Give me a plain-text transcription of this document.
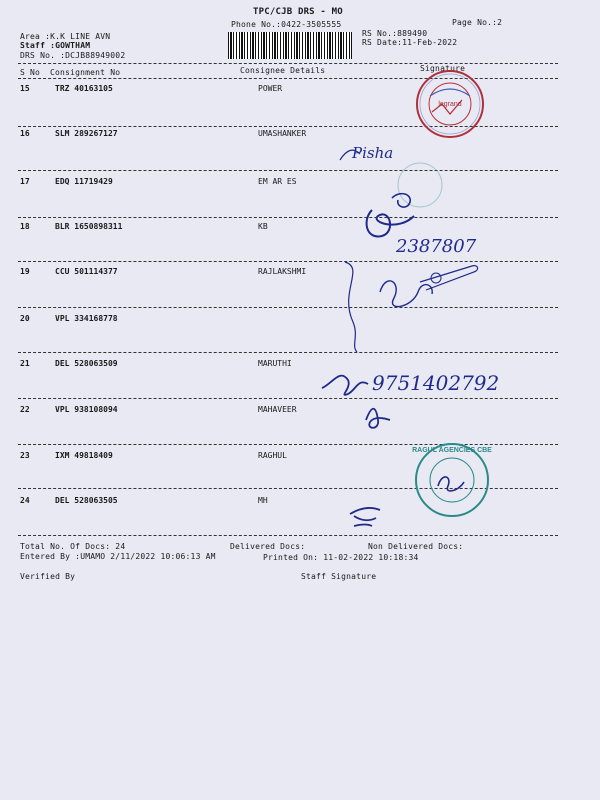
TPC/CJB DRS - MO
Phone No.:0422-3505555	Page No.:2
Area :K.K LINE AVN
Staff :GOWTHAM
DRS No. :DCJB88949002
RS No.:889490
RS Date:11-Feb-2022
S No Consignment No	Consignee Details	Signature
15	TRZ 40163105	POWER
16	SLM 289267127	UMASHANKER
17	EDQ 11719429	EM AR ES
18	BLR 1650898311	KB
19	CCU 501114377	RAJLAKSHMI
20	VPL 334168778
21	DEL 528063509	MARUTHI
22	VPL 938108094	MAHAVEER
23	IXM 49818409	RAGHUL
24	DEL 528063505	MH
Total No. Of Docs: 24	Delivered Docs:	Non Delivered Docs:
Entered By :UMAMO 2/11/2022 10:06:13 AM	Printed On: 11-02-2022 10:18:34
Verified By	Staff Signature
legrand
Pisha
2387807
9751402792
RAGUL AGENCIES CBE
